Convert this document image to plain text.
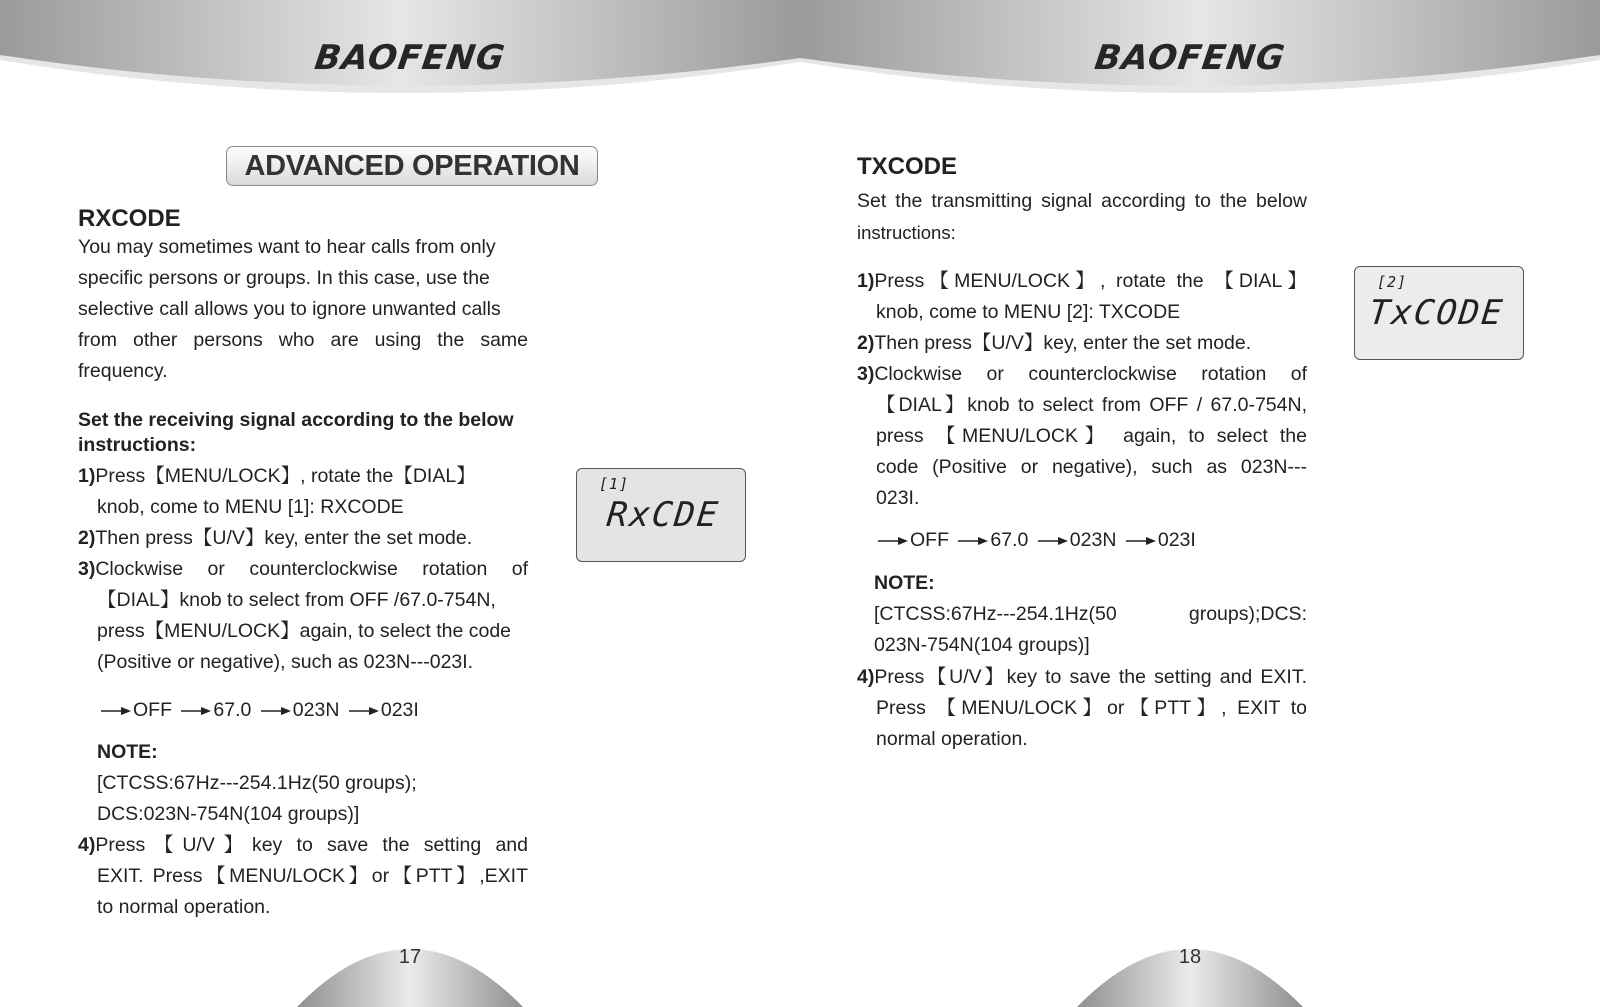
BAOFENG
ADVANCED OPERATION
RXCODE
You may sometimes want to hear calls from only
specific persons or groups. In this case, use the
selective call allows you to ignore unwanted calls
from other persons who are using the same
frequency.
Set the receiving signal according to the below
instructions:
1)Press【MENU/LOCK】, rotate the【DIAL】
knob, come to MENU [1]: RXCODE
2)Then press【U/V】key, enter the set mode.
3)Clockwise or counterclockwise rotation of
【DIAL】knob to select from OFF /67.0-754N,
press【MENU/LOCK】again, to select the code
(Positive or negative), such as 023N---023I.
OFF 67.0 023N 023I
NOTE:
[CTCSS:67Hz---254.1Hz(50 groups);
DCS:023N-754N(104 groups)]
4)Press【U/V】key to save the setting and
EXIT. Press【MENU/LOCK】or【PTT】,EXIT
to normal operation.
[1]
RxCDE
17
BAOFENG
TXCODE
Set the transmitting signal according to the below
instructions:
1)Press【MENU/LOCK】, rotate the 【DIAL】
knob, come to MENU [2]: TXCODE
2)Then press【U/V】key, enter the set mode.
3)Clockwise or counterclockwise rotation of
【DIAL】knob to select from OFF / 67.0-754N,
press 【MENU/LOCK】 again, to select the
code (Positive or negative), such as 023N---
023I.
OFF 67.0 023N 023I
NOTE:
[CTCSS:67Hz---254.1Hz(50 groups);DCS:
023N-754N(104 groups)]
4)Press【U/V】key to save the setting and EXIT.
Press 【MENU/LOCK】or【PTT】, EXIT to
normal operation.
[2]
TxCODE
18
